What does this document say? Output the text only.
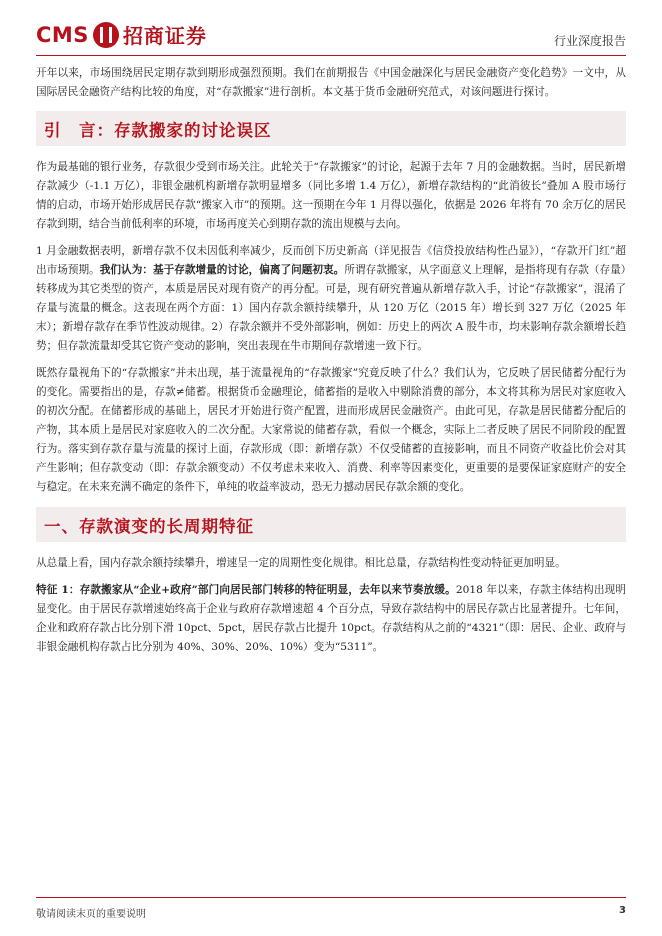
CMS 招商证券	行业深度报告

开年以来，市场围绕居民定期存款到期形成强烈预期。我们在前期报告《中国金融深化与居民金融资产变化趋势》一文中，从国际居民金融资产结构比较的角度，对“存款搬家”进行剖析。本文基于货币金融研究范式，对该问题进行探讨。

引　言：存款搬家的讨论误区

作为最基础的银行业务，存款很少受到市场关注。此轮关于“存款搬家”的讨论，起源于去年 7 月的金融数据。当时，居民新增存款减少（-1.1 万亿），非银金融机构新增存款明显增多（同比多增 1.4 万亿），新增存款结构的“此消彼长”叠加 A 股市场行情的启动，市场开始形成居民存款“搬家入市”的预期。这一预期在今年 1 月得以强化，依据是 2026 年将有 70 余万亿的居民存款到期，结合当前低利率的环境，市场再度关心到期存款的流出规模与去向。

1 月金融数据表明，新增存款不仅未因低利率减少，反而创下历史新高（详见报告《信贷投放结构性凸显》），“存款开门红”超出市场预期。我们认为：基于存款增量的讨论，偏离了问题初衷。所谓存款搬家，从字面意义上理解，是指将现有存款（存量）转移成为其它类型的资产，本质是居民对现有资产的再分配。可是，现有研究普遍从新增存款入手，讨论“存款搬家”，混淆了存量与流量的概念。这表现在两个方面：1）国内存款余额持续攀升，从 120 万亿（2015 年）增长到 327 万亿（2025 年末）；新增存款存在季节性波动规律。2）存款余额并不受外部影响，例如：历史上的两次 A 股牛市，均未影响存款余额增长趋势；但存款流量却受其它资产变动的影响，突出表现在牛市期间存款增速一致下行。

既然存量视角下的“存款搬家”并未出现，基于流量视角的“存款搬家”究竟反映了什么？我们认为，它反映了居民储蓄分配行为的变化。需要指出的是，存款≠储蓄。根据货币金融理论，储蓄指的是收入中剔除消费的部分，本文将其称为居民对家庭收入的初次分配。在储蓄形成的基础上，居民才开始进行资产配置，进而形成居民金融资产。由此可见，存款是居民储蓄分配后的产物，其本质上是居民对家庭收入的二次分配。大家常说的储蓄存款，看似一个概念，实际上二者反映了居民不同阶段的配置行为。落实到存款存量与流量的探讨上面，存款形成（即：新增存款）不仅受储蓄的直接影响，而且不同资产收益比价会对其产生影响；但存款变动（即：存款余额变动）不仅考虑未来收入、消费、利率等因素变化，更重要的是要保证家庭财产的安全与稳定。在未来充满不确定的条件下，单纯的收益率波动，恐无力撼动居民存款余额的变化。

一、存款演变的长周期特征

从总量上看，国内存款余额持续攀升，增速呈一定的周期性变化规律。相比总量，存款结构性变动特征更加明显。

特征 1：存款搬家从“企业+政府”部门向居民部门转移的特征明显，去年以来节奏放缓。2018 年以来，存款主体结构出现明显变化。由于居民存款增速始终高于企业与政府存款增速超 4 个百分点，导致存款结构中的居民存款占比显著提升。七年间，企业和政府存款占比分别下滑 10pct、5pct，居民存款占比提升 10pct。存款结构从之前的“4321”（即：居民、企业、政府与非银金融机构存款占比分别为 40%、30%、20%、10%）变为“5311”。

敬请阅读末页的重要说明	3
